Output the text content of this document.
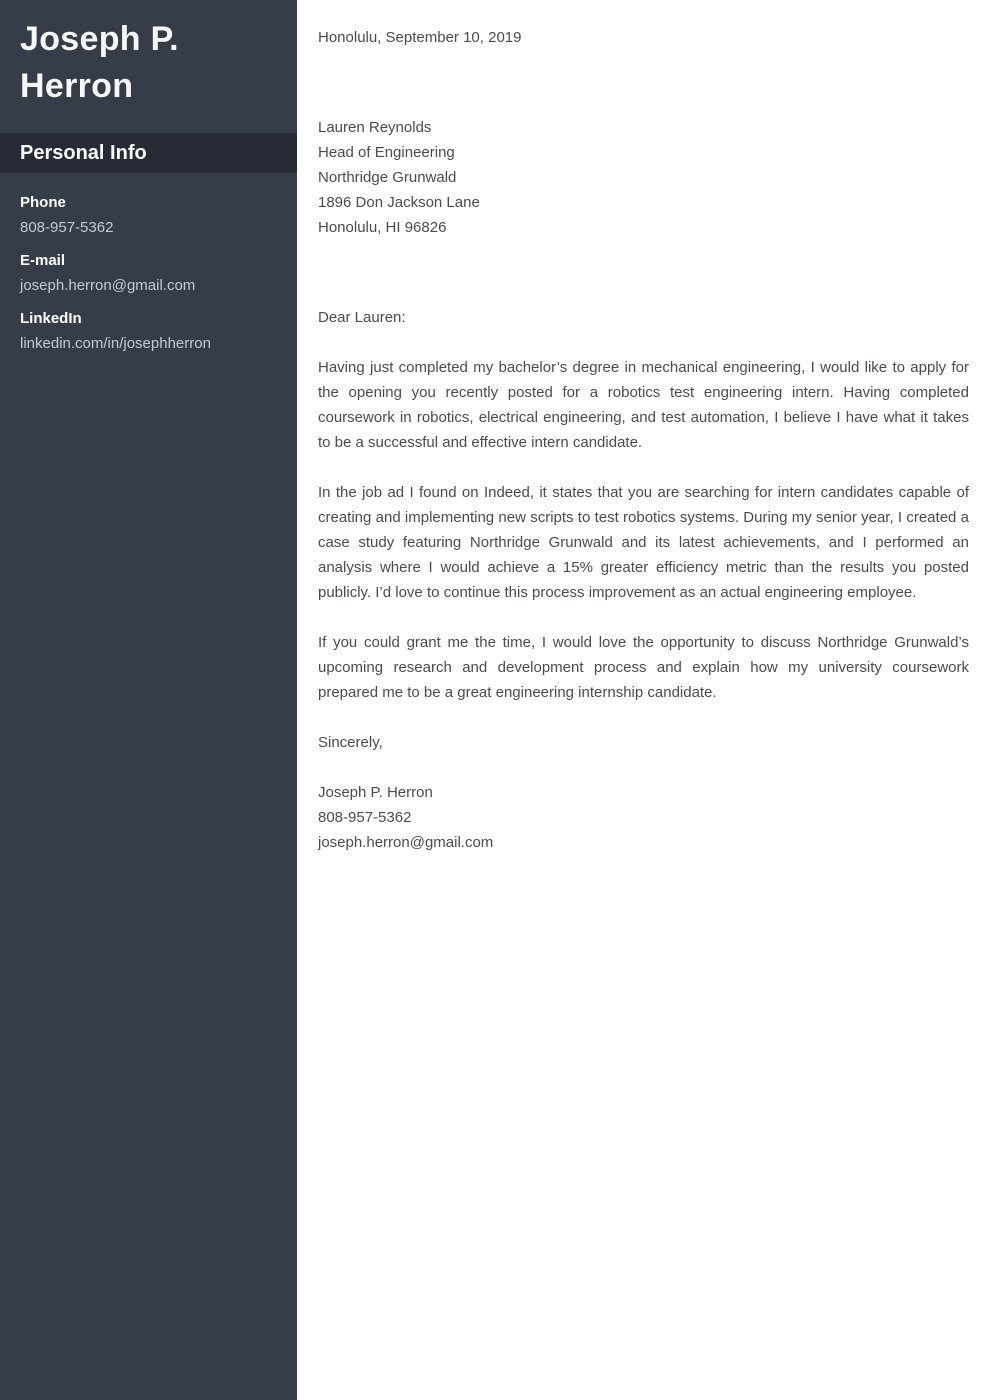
Joseph P. Herron
Personal Info
Phone
808-957-5362
E-mail
joseph.herron@gmail.com
LinkedIn
linkedin.com/in/josephherron
Honolulu, September 10, 2019
Lauren Reynolds
Head of Engineering
Northridge Grunwald
1896 Don Jackson Lane
Honolulu, HI 96826
Dear Lauren:

Having just completed my bachelor’s degree in mechanical engineering, I would like to apply for the opening you recently posted for a robotics test engineering intern. Having completed coursework in robotics, electrical engineering, and test automation, I believe I have what it takes to be a successful and effective intern candidate.

In the job ad I found on Indeed, it states that you are searching for intern candidates capable of creating and implementing new scripts to test robotics systems. During my senior year, I created a case study featuring Northridge Grunwald and its latest achievements, and I performed an analysis where I would achieve a 15% greater efficiency metric than the results you posted publicly. I’d love to continue this process improvement as an actual engineering employee.

If you could grant me the time, I would love the opportunity to discuss Northridge Grunwald’s upcoming research and development process and explain how my university coursework prepared me to be a great engineering internship candidate.

Sincerely,
Joseph P. Herron
808-957-5362
joseph.herron@gmail.com
